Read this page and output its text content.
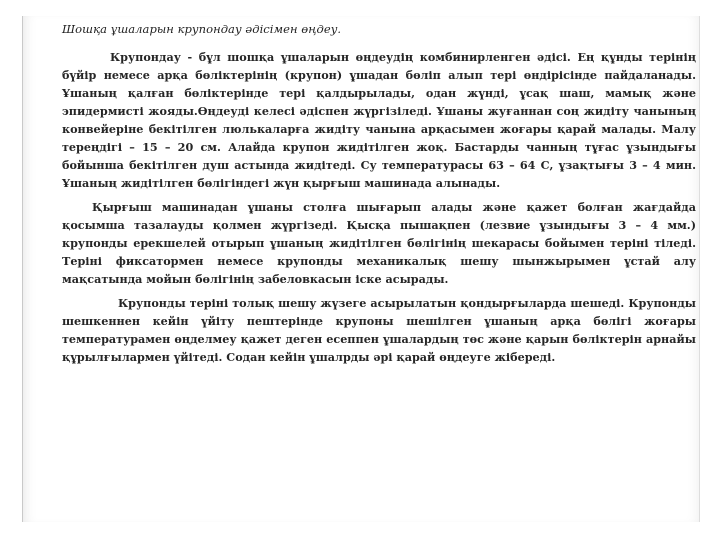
Шошқа ұшаларын крупондау әдісімен өңдеу.

Крупондау - бұл шошқа ұшаларын өңдеудің комбинирленген әдісі. Ең құнды терінің бүйір немесе арқа бөліктерінің (крупон) ұшадан бөліп алып тері өндірісінде пайдаланады. Ұшаның қалған бөліктерінде тері қалдырылады, одан жүнді, ұсақ шаш, мамық және эпидермисті жояды.Өңдеуді келесі әдіспен жүргізіледі. Ұшаны жуғаннан соң жидіту чанының конвейеріне бекітілген люлькаларға жидіту чанына арқасымен жоғары қарай малады. Малу тереңдігі – 15 – 20 см. Алайда крупон жидітілген жоқ. Бастарды чанның тұғас ұзындығы бойынша бекітілген душ астында жидітеді. Су температурасы 63 – 64 С, ұзақтығы 3 – 4 мин. Ұшаның жидітілген бөлігіндегі жүн қырғыш машинада алынады.

Қырғыш машинадан ұшаны столға шығарып алады және қажет болған жағдайда қосымша тазалауды қолмен жүргізеді. Қысқа пышақпен (лезвие ұзындығы 3 – 4 мм.) крупонды ерекшелей отырып ұшаның жидітілген бөлігінің шекарасы бойымен теріні тіледі. Теріні фиксатормен немесе крупонды механикалық шешу шынжырымен ұстай алу мақсатында мойын бөлігінің забеловкасын іске асырады.

Крупонды теріні толық шешу жүзеге асырылатын қондырғыларда шешеді. Крупонды шешкеннен кейін үйіту пештерінде крупоны шешілген ұшаның арқа бөлігі жоғары температурамен өңделмеу қажет деген есеппен ұшалардың төс және қарын бөліктерін арнайы құрылғылармен үйітеді. Содан кейін ұшалрды әрі қарай өңдеуге жібереді.
